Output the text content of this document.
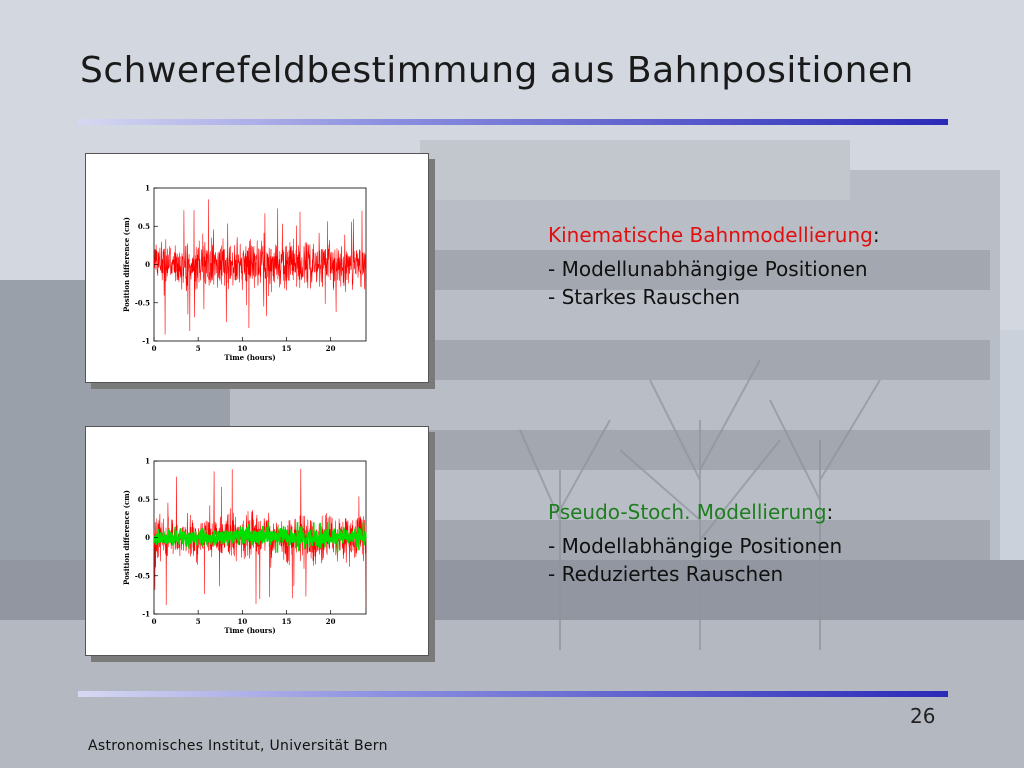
Schwerefeldbestimmung aus Bahnpositionen
1
0.5
0
-0.5
-1
0	5	10	15	20
Time (hours)
Position difference (cm)
1
0.5
0
-0.5
-1
0	5	10	15	20
Time (hours)
Position difference (cm)
Kinematische Bahnmodellierung:
- Modellunabhängige Positionen
- Starkes Rauschen
Pseudo-Stoch. Modellierung:
- Modellabhängige Positionen
- Reduziertes Rauschen
26
Astronomisches Institut, Universität Bern
